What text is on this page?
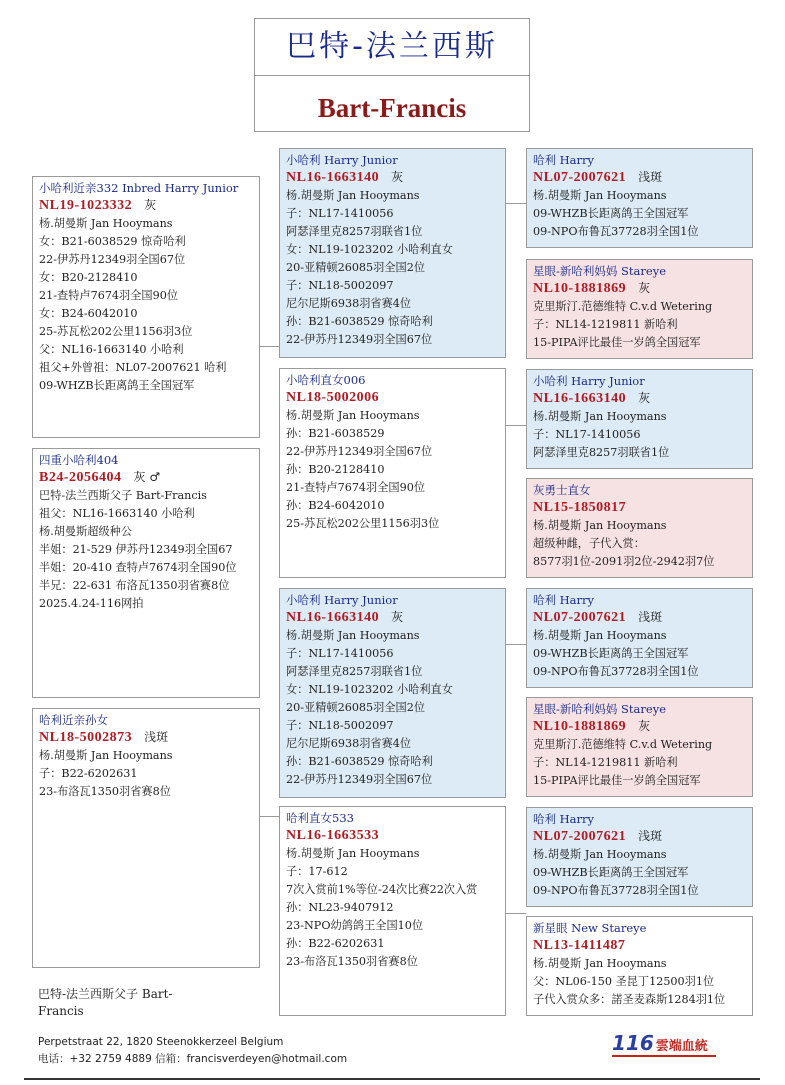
巴特-法兰西斯
Bart-Francis
小哈利近亲332 Inbred Harry Junior
NL19-1023332 灰
杨.胡曼斯 Jan Hooymans
女：B21-6038529 惊奇哈利
22-伊苏丹12349羽全国67位
女：B20-2128410
21-查特卢7674羽全国90位
女：B24-6042010
25-苏瓦松202公里1156羽3位
父：NL16-1663140 小哈利
祖父+外曾祖：NL07-2007621 哈利
09-WHZB长距离鸽王全国冠军
四重小哈利404
B24-2056404 灰 ♂
巴特-法兰西斯父子 Bart-Francis
祖父：NL16-1663140 小哈利
杨.胡曼斯超级种公
半姐：21-529 伊苏丹12349羽全国67
半姐：20-410 查特卢7674羽全国90位
半兄：22-631 布洛瓦1350羽省赛8位
2025.4.24-116网拍
哈利近亲孙女
NL18-5002873 浅斑
杨.胡曼斯 Jan Hooymans
子：B22-6202631
23-布洛瓦1350羽省赛8位
小哈利 Harry Junior
NL16-1663140 灰
杨.胡曼斯 Jan Hooymans
子：NL17-1410056
阿瑟泽里克8257羽联省1位
女：NL19-1023202 小哈利直女
20-亚精顿26085羽全国2位
子：NL18-5002097
尼尔尼斯6938羽省赛4位
孙：B21-6038529 惊奇哈利
22-伊苏丹12349羽全国67位
小哈利直女006
NL18-5002006
杨.胡曼斯 Jan Hooymans
孙：B21-6038529
22-伊苏丹12349羽全国67位
孙：B20-2128410
21-查特卢7674羽全国90位
孙：B24-6042010
25-苏瓦松202公里1156羽3位
小哈利 Harry Junior
NL16-1663140 灰
杨.胡曼斯 Jan Hooymans
子：NL17-1410056
阿瑟泽里克8257羽联省1位
女：NL19-1023202 小哈利直女
20-亚精顿26085羽全国2位
子：NL18-5002097
尼尔尼斯6938羽省赛4位
孙：B21-6038529 惊奇哈利
22-伊苏丹12349羽全国67位
哈利直女533
NL16-1663533
杨.胡曼斯 Jan Hooymans
子：17-612
7次入赏前1%等位-24次比赛22次入赏
孙：NL23-9407912
23-NPO幼鸽鸽王全国10位
孙：B22-6202631
23-布洛瓦1350羽省赛8位
哈利 Harry
NL07-2007621 浅斑
杨.胡曼斯 Jan Hooymans
09-WHZB长距离鸽王全国冠军
09-NPO布鲁瓦37728羽全国1位
星眼-新哈利妈妈 Stareye
NL10-1881869 灰
克里斯汀.范德维特 C.v.d Wetering
子：NL14-1219811 新哈利
15-PIPA评比最佳一岁鸽全国冠军
小哈利 Harry Junior
NL16-1663140 灰
杨.胡曼斯 Jan Hooymans
子：NL17-1410056
阿瑟泽里克8257羽联省1位
灰勇士直女
NL15-1850817
杨.胡曼斯 Jan Hooymans
超级种雌，子代入赏：
8577羽1位-2091羽2位-2942羽7位
哈利 Harry
NL07-2007621 浅斑
杨.胡曼斯 Jan Hooymans
09-WHZB长距离鸽王全国冠军
09-NPO布鲁瓦37728羽全国1位
星眼-新哈利妈妈 Stareye
NL10-1881869 灰
克里斯汀.范德维特 C.v.d Wetering
子：NL14-1219811 新哈利
15-PIPA评比最佳一岁鸽全国冠军
哈利 Harry
NL07-2007621 浅斑
杨.胡曼斯 Jan Hooymans
09-WHZB长距离鸽王全国冠军
09-NPO布鲁瓦37728羽全国1位
新星眼 New Stareye
NL13-1411487
杨.胡曼斯 Jan Hooymans
父：NL06-150 圣昆丁12500羽1位
子代入赏众多：諾圣麦森斯1284羽1位
巴特-法兰西斯父子 Bart-
Francis
Perpetstraat 22, 1820 Steenokkerzeel Belgium
电话：+32 2759 4889 信箱：francisverdeyen@hotmail.com
116 雲端血統
